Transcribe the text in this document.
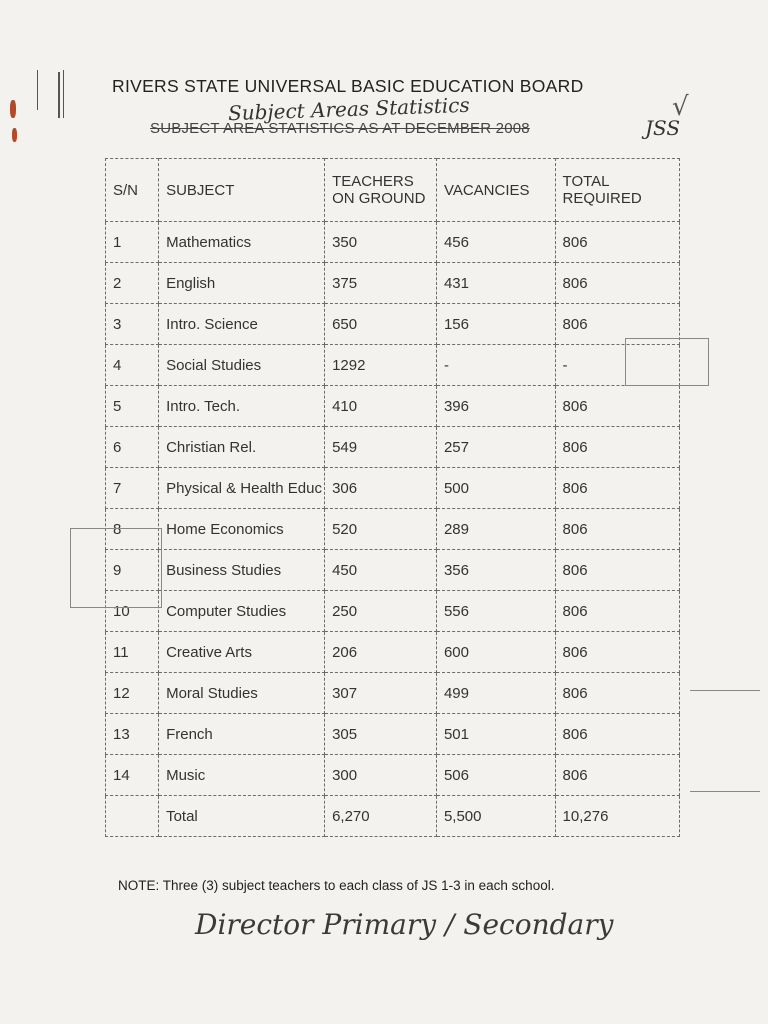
RIVERS STATE UNIVERSAL BASIC EDUCATION BOARD
Subject Areas Statistics
SUBJECT AREA STATISTICS AS AT DECEMBER 2008
√
JSS
S/N	SUBJECT	TEACHERS ON GROUND	VACANCIES	TOTAL REQUIRED
1	Mathematics	350	456	806
2	English	375	431	806
3	Intro. Science	650	156	806
4	Social Studies	1292	-	-
5	Intro. Tech.	410	396	806
6	Christian Rel.	549	257	806
7	Physical & Health Educ	306	500	806
8	Home Economics	520	289	806
9	Business Studies	450	356	806
10	Computer Studies	250	556	806
11	Creative Arts	206	600	806
12	Moral Studies	307	499	806
13	French	305	501	806
14	Music	300	506	806
	Total	6,270	5,500	10,276
NOTE: Three (3) subject teachers to each class of JS 1-3 in each school.
Director Primary / Secondary
